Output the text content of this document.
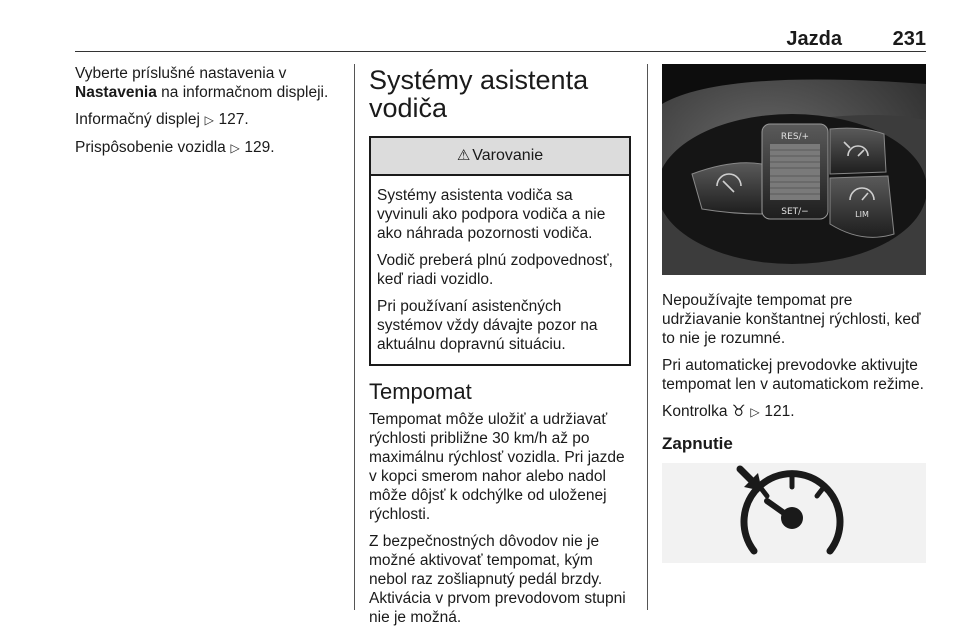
Jazda	231

Vyberte príslušné nastavenia v Nastavenia na informačnom displeji.

Informačný displej ▷ 127.

Prispôsobenie vozidla ▷ 129.

Systémy asistenta vodiča
⚠ Varovanie

Systémy asistenta vodiča sa vyvinuli ako podpora vodiča a nie ako náhrada pozornosti vodiča.

Vodič preberá plnú zodpovednosť, keď riadi vozidlo.

Pri používaní asistenčných systémov vždy dávajte pozor na aktuálnu dopravnú situáciu.

Tempomat

Tempomat môže uložiť a udržiavať rýchlosti približne 30 km/h až po maximálnu rýchlosť vozidla. Pri jazde v kopci smerom nahor alebo nadol môže dôjsť k odchýlke od uloženej rýchlosti.

Z bezpečnostných dôvodov nie je možné aktivovať tempomat, kým nebol raz zošliapnutý pedál brzdy. Aktivácia v prvom prevodovom stupni nie je možná.

RES/+
SET/−	LIM

Nepoužívajte tempomat pre udržiavanie konštantnej rýchlosti, keď to nie je rozumné.

Pri automatickej prevodovke aktivujte tempomat len v automatickom režime.

Kontrolka ♉ ▷ 121.

Zapnutie
